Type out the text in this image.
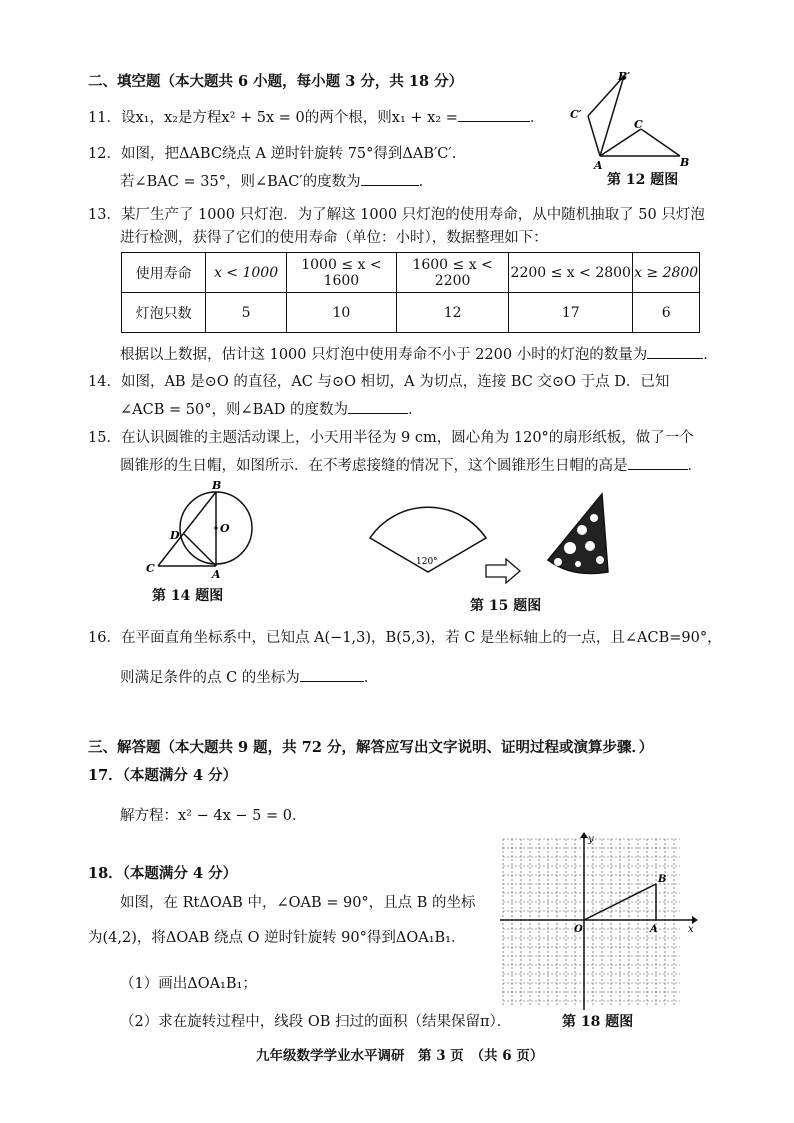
二、填空题（本大题共 6 小题，每小题 3 分，共 18 分）
11．设x₁，x₂是方程x² + 5x = 0的两个根，则x₁ + x₂ =	．
12．如图，把ΔABC绕点 A 逆时针旋转 75°得到ΔAB′C′.
若∠BAC = 35°，则∠BAC′的度数为	．
B′
C′
C
A	B
第 12 题图
13．某厂生产了 1000 只灯泡．为了解这 1000 只灯泡的使用寿命，从中随机抽取了 50 只灯泡
进行检测，获得了它们的使用寿命（单位：小时），数据整理如下：
使用寿命	x < 1000	1000 ≤ x < 1600	1600 ≤ x < 2200	2200 ≤ x < 2800	x ≥ 2800
灯泡只数	5	10	12	17	6
根据以上数据，估计这 1000 只灯泡中使用寿命不小于 2200 小时的灯泡的数量为	．
14．如图，AB 是⊙O 的直径，AC 与⊙O 相切，A 为切点，连接 BC 交⊙O 于点 D．已知
∠ACB = 50°，则∠BAD 的度数为	．
15．在认识圆锥的主题活动课上，小天用半径为 9 cm，圆心角为 120°的扇形纸板，做了一个
圆锥形的生日帽，如图所示．在不考虑接缝的情况下，这个圆锥形生日帽的高是	．
B
D
O
C	A
第 14 题图
120°
第 15 题图
16．在平面直角坐标系中，已知点 A(−1,3)，B(5,3)，若 C 是坐标轴上的一点，且∠ACB=90°，
则满足条件的点 C 的坐标为	．
三、解答题（本大题共 9 题，共 72 分，解答应写出文字说明、证明过程或演算步骤．）
17．（本题满分 4 分）
解方程：x² − 4x − 5 = 0．
18．（本题满分 4 分）
如图，在 RtΔOAB 中，∠OAB = 90°，且点 B 的坐标
为(4,2)，将ΔOAB 绕点 O 逆时针旋转 90°得到ΔOA₁B₁．
（1）画出ΔOA₁B₁；
（2）求在旋转过程中，线段 OB 扫过的面积（结果保留π）．
y
x
O	A
B
第 18 题图
九年级数学学业水平调研　第 3 页　（共 6 页）
